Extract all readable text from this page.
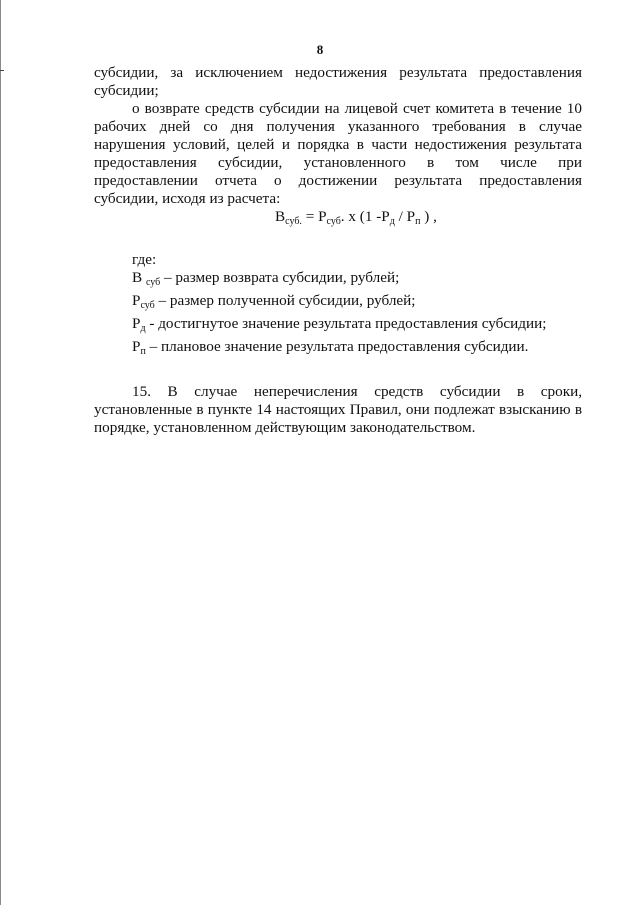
8

субсидии, за исключением недостижения результата предоставления субсидии;

о возврате средств субсидии на лицевой счет комитета в течение 10 рабочих дней со дня получения указанного требования в случае нарушения условий, целей и порядка в части недостижения результата предоставления субсидии, установленного в том числе при предоставлении отчета о достижении результата предоставления субсидии, исходя из расчета:

$В_{суб.} = Р_{суб}$. х (1 $-Р_д / Р_п$ ) ,
где:
В $_{суб}$ – размер возврата субсидии, рублей;
$Р_{суб}$ – размер полученной субсидии, рублей;
$Р_д$ - достигнутое значение результата предоставления субсидии;
$Р_п$ – плановое значение результата предоставления субсидии.

15. В случае неперечисления средств субсидии в сроки, установленные в пункте 14 настоящих Правил, они подлежат взысканию в порядке, установленном действующим законодательством.
